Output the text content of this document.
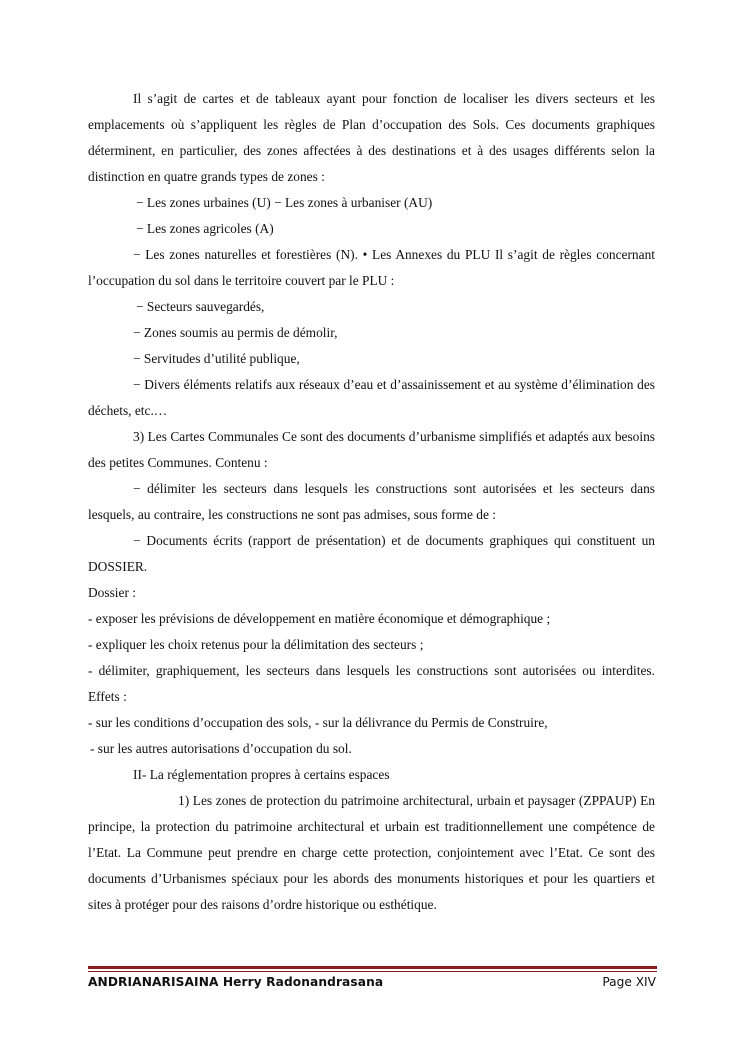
Il s’agit de cartes et de tableaux ayant pour fonction de localiser les divers secteurs et les emplacements où s’appliquent les règles de Plan d’occupation des Sols. Ces documents graphiques déterminent, en particulier, des zones affectées à des destinations et à des usages différents selon la distinction en quatre grands types de zones :

− Les zones urbaines (U) − Les zones à urbaniser (AU)

− Les zones agricoles (A)

− Les zones naturelles et forestières (N). • Les Annexes du PLU Il s’agit de règles concernant l’occupation du sol dans le territoire couvert par le PLU :

− Secteurs sauvegardés,

− Zones soumis au permis de démolir,

− Servitudes d’utilité publique,

− Divers éléments relatifs aux réseaux d’eau et d’assainissement et au système d’élimination des déchets, etc.…

3) Les Cartes Communales Ce sont des documents d’urbanisme simplifiés et adaptés aux besoins des petites Communes. Contenu :

− délimiter les secteurs dans lesquels les constructions sont autorisées et les secteurs dans lesquels, au contraire, les constructions ne sont pas admises, sous forme de :

− Documents écrits (rapport de présentation) et de documents graphiques qui constituent un DOSSIER.

Dossier :

- exposer les prévisions de développement en matière économique et démographique ;

- expliquer les choix retenus pour la délimitation des secteurs ;

- délimiter, graphiquement, les secteurs dans lesquels les constructions sont autorisées ou interdites. Effets :

- sur les conditions d’occupation des sols, - sur la délivrance du Permis de Construire,

- sur les autres autorisations d’occupation du sol.

II- La réglementation propres à certains espaces

1) Les zones de protection du patrimoine architectural, urbain et paysager (ZPPAUP) En principe, la protection du patrimoine architectural et urbain est traditionnellement une compétence de l’Etat. La Commune peut prendre en charge cette protection, conjointement avec l’Etat. Ce sont des documents d’Urbanismes spéciaux pour les abords des monuments historiques et pour les quartiers et sites à protéger pour des raisons d’ordre historique ou esthétique.

ANDRIANARISAINA Herry Radonandrasana	Page XIV
